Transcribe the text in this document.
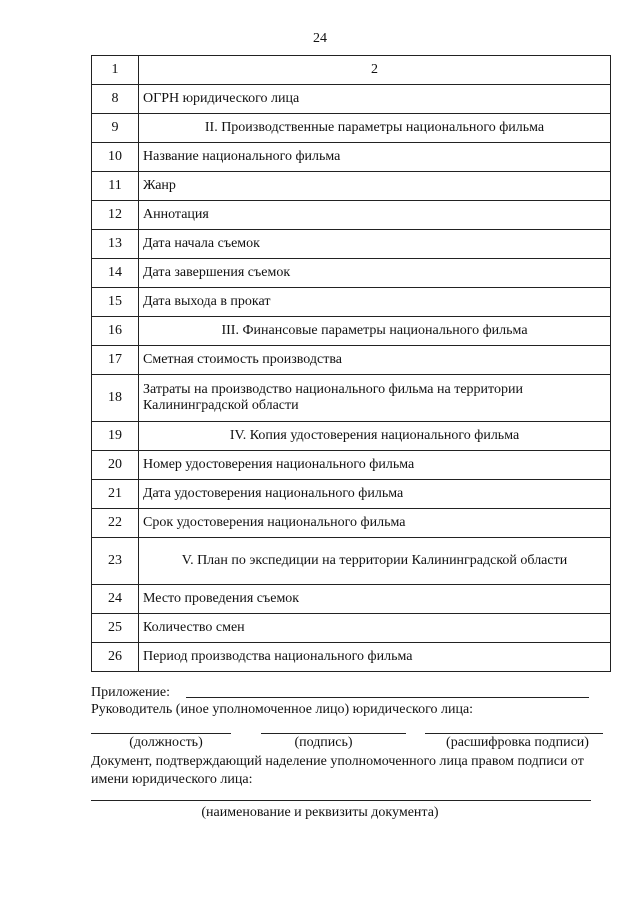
24
1	2
8	ОГРН юридического лица
9	II. Производственные параметры национального фильма
10	Название национального фильма
11	Жанр
12	Аннотация
13	Дата начала съемок
14	Дата завершения съемок
15	Дата выхода в прокат
16	III. Финансовые параметры национального фильма
17	Сметная стоимость производства
18	Затраты на производство национального фильма на территории Калининградской области
19	IV. Копия удостоверения национального фильма
20	Номер удостоверения национального фильма
21	Дата удостоверения национального фильма
22	Срок удостоверения национального фильма
23	V. План по экспедиции на территории Калининградской области
24	Место проведения съемок
25	Количество смен
26	Период производства национального фильма
Приложение:
Руководитель (иное уполномоченное лицо) юридического лица:
(должность)	(подпись)	(расшифровка подписи)
Документ, подтверждающий наделение уполномоченного лица правом подписи от имени юридического лица:
(наименование и реквизиты документа)
